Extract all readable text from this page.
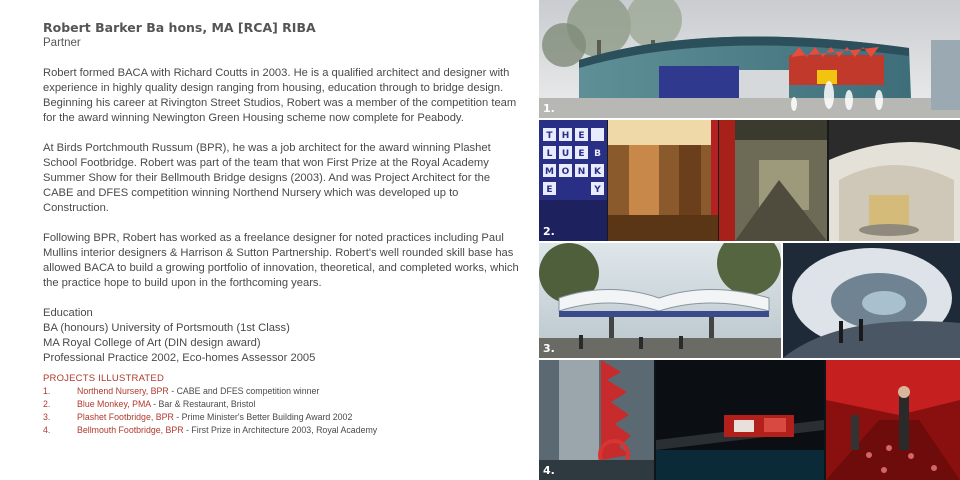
Robert Barker Ba hons, MA [RCA] RIBA
Partner

Robert formed BACA with Richard Coutts in 2003. He is a qualified architect and designer with experience in highly quality design ranging from housing, education through to bridge design. Beginning his career at Rivington Street Studios, Robert was a member of the competition team for the award winning Newington Green Housing scheme now complete for Peabody.

At Birds Portchmouth Russum (BPR), he was a job architect for the award winning Plashet School Footbridge. Robert was part of the team that won First Prize at the Royal Academy Summer Show for their Bellmouth Bridge designs (2003). And was Project Architect for the CABE and DFES competition winning Northend Nursery which was developed up to Construction.

Following BPR, Robert has worked as a freelance designer for noted practices including Paul Mullins interior designers & Harrison & Sutton Partnership. Robert's well rounded skill base has allowed BACA to build a growing portfolio of innovation, theoretical, and completed works, which the practice hope to build upon in the forthcoming years.

Education

BA (honours) University of Portsmouth (1st Class)

MA Royal College of Art (DIN design award)

Professional Practice 2002, Eco-homes Assessor 2005

PROJECTS ILLUSTRATED
1.	Northend Nursery, BPR - CABE and DFES competition winner
2.	Blue Monkey, PMA - Bar & Restaurant, Bristol
3.	Plashet Footbridge, BPR - Prime Minister's Better Building Award 2002
4.	Bellmouth Footbridge, BPR - First Prize in Architecture 2003, Royal Academy
1.
T H E
B
L U E
M O N K
E	Y
2.
3.
4.
